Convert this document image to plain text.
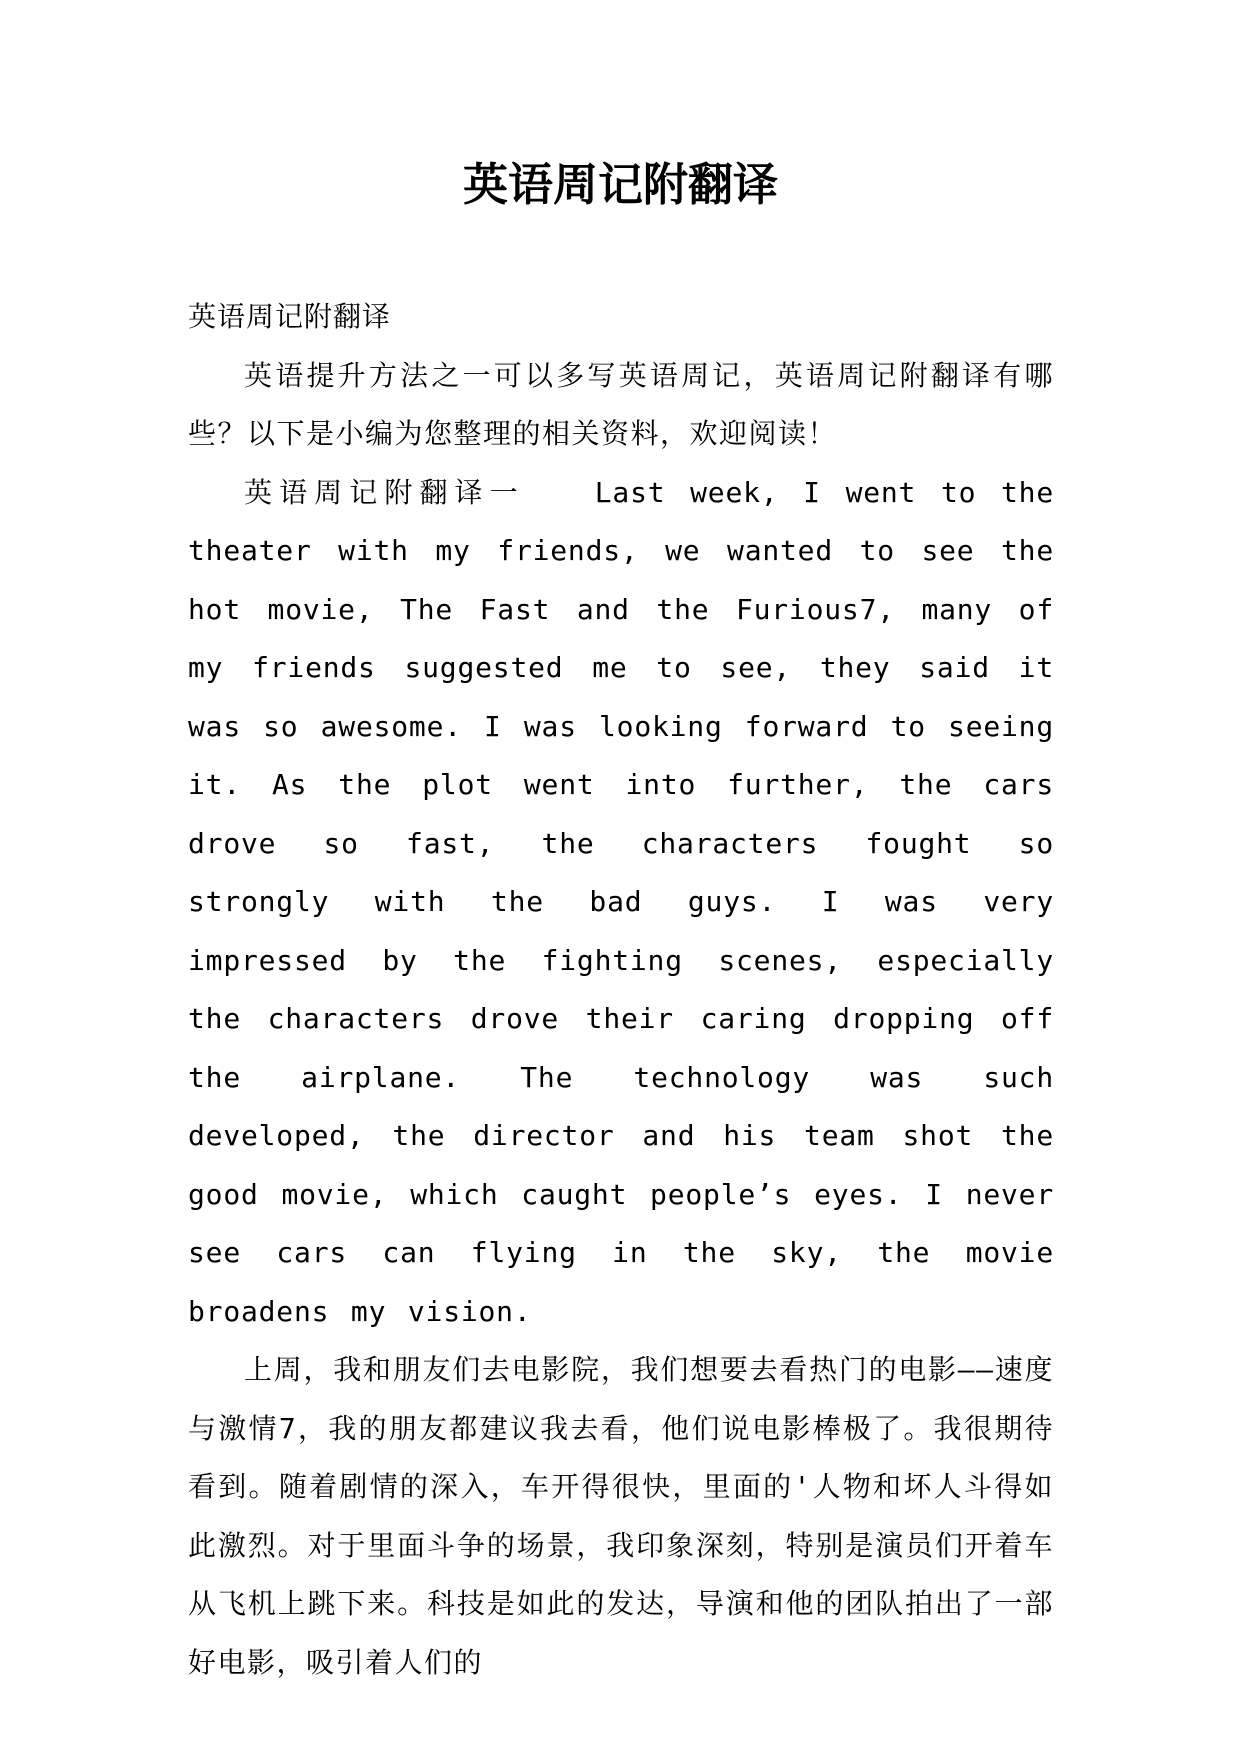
英语周记附翻译

英语周记附翻译

英语提升方法之一可以多写英语周记，英语周记附翻译有哪些？以下是小编为您整理的相关资料，欢迎阅读！

英语周记附翻译一	Last week, I went to the theater with my friends, we wanted to see the hot movie, The Fast and the Furious7, many of my friends suggested me to see, they said it was so awesome. I was looking forward to seeing it. As the plot went into further, the cars drove so fast, the characters fought so strongly with the bad guys. I was very impressed by the fighting scenes, especially the characters drove their caring dropping off the airplane. The technology was such developed, the director and his team shot the good movie, which caught people’s eyes. I never see cars can flying in the sky, the movie broadens my vision.

上周，我和朋友们去电影院，我们想要去看热门的电影——速度与激情7，我的朋友都建议我去看，他们说电影棒极了。我很期待看到。随着剧情的深入，车开得很快，里面的'人物和坏人斗得如此激烈。对于里面斗争的场景，我印象深刻，特别是演员们开着车从飞机上跳下来。科技是如此的发达，导演和他的团队拍出了一部好电影，吸引着人们的
